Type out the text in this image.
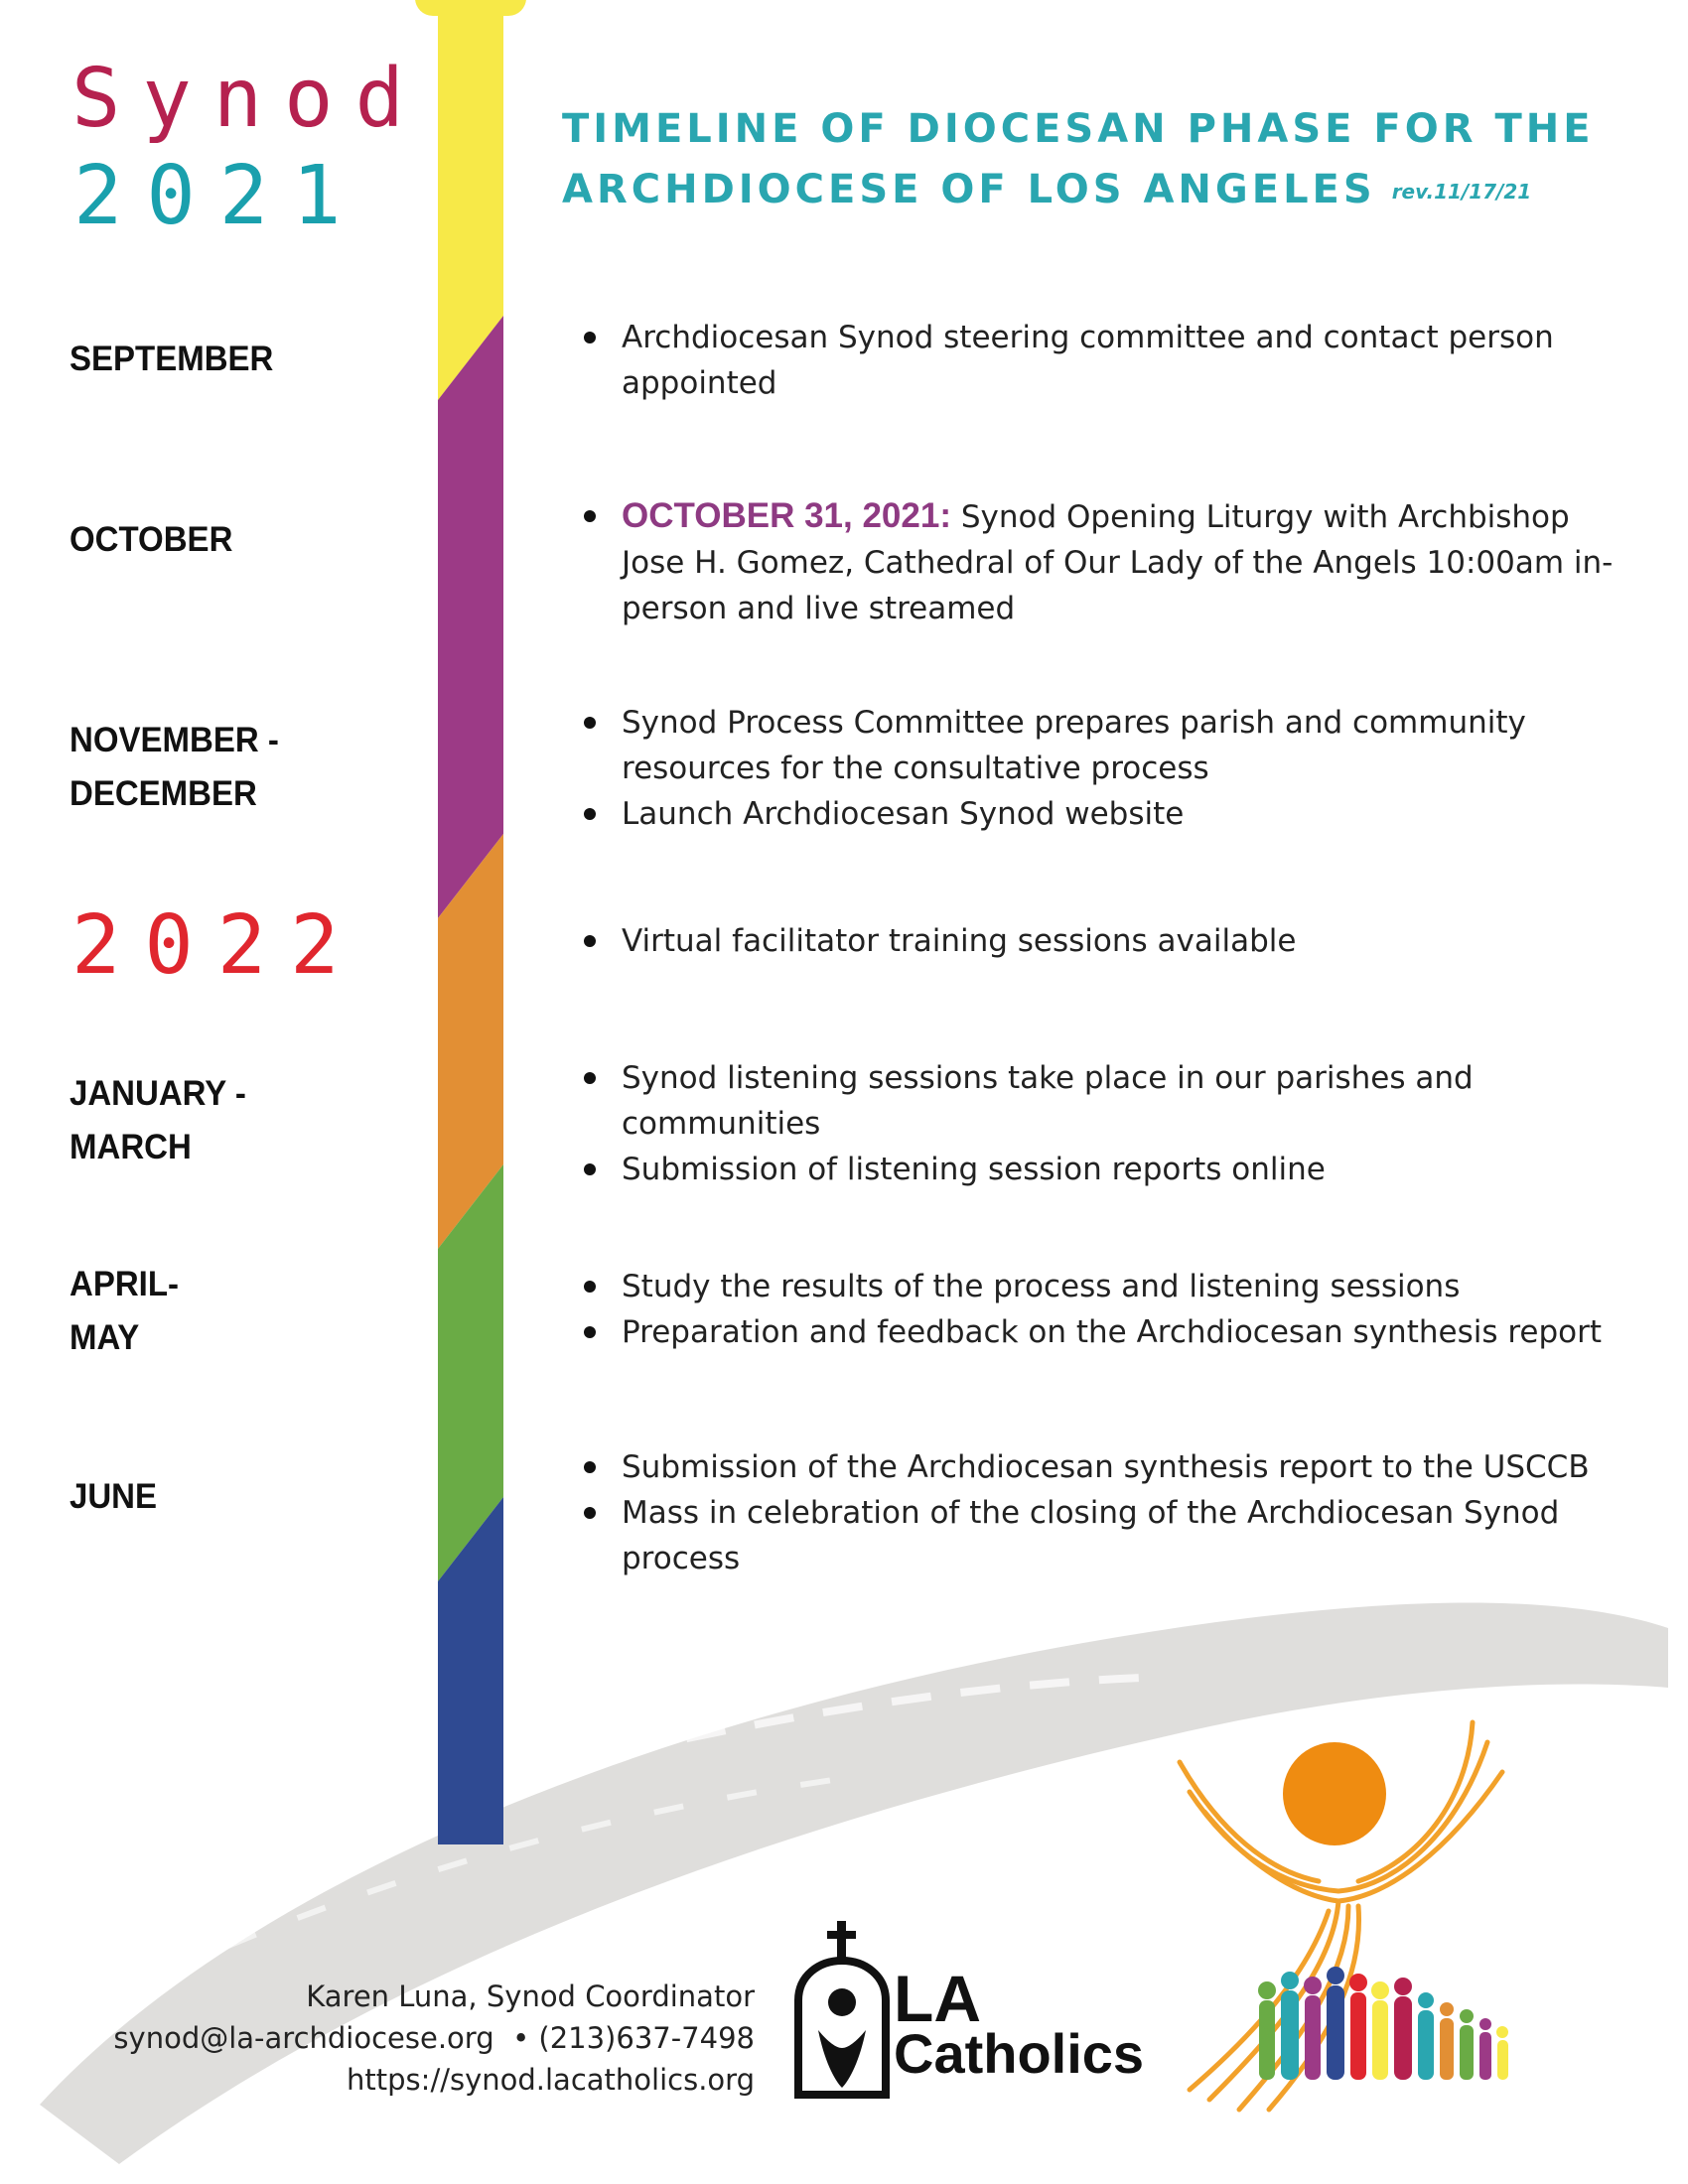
Synod
2021
TIMELINE OF DIOCESAN PHASE FOR THE
ARCHDIOCESE OF LOS ANGELES rev.11/17/21
SEPTEMBER
OCTOBER
NOVEMBER -
DECEMBER
2022
JANUARY -
MARCH
APRIL-
MAY
JUNE
Archdiocesan Synod steering committee and contact person appointed
OCTOBER 31, 2021: Synod Opening Liturgy with Archbishop Jose H. Gomez, Cathedral of Our Lady of the Angels 10:00am in-person and live streamed
Synod Process Committee prepares parish and community resources for the consultative process
Launch Archdiocesan Synod website
Virtual facilitator training sessions available
Synod listening sessions take place in our parishes and communities
Submission of listening session reports online
Study the results of the process and listening sessions
Preparation and feedback on the Archdiocesan synthesis report
Submission of the Archdiocesan synthesis report to the USCCB
Mass in celebration of the closing of the Archdiocesan Synod process
Karen Luna, Synod Coordinator
synod@la-archdiocese.org • (213)637-7498
https://synod.lacatholics.org
LA
Catholics
